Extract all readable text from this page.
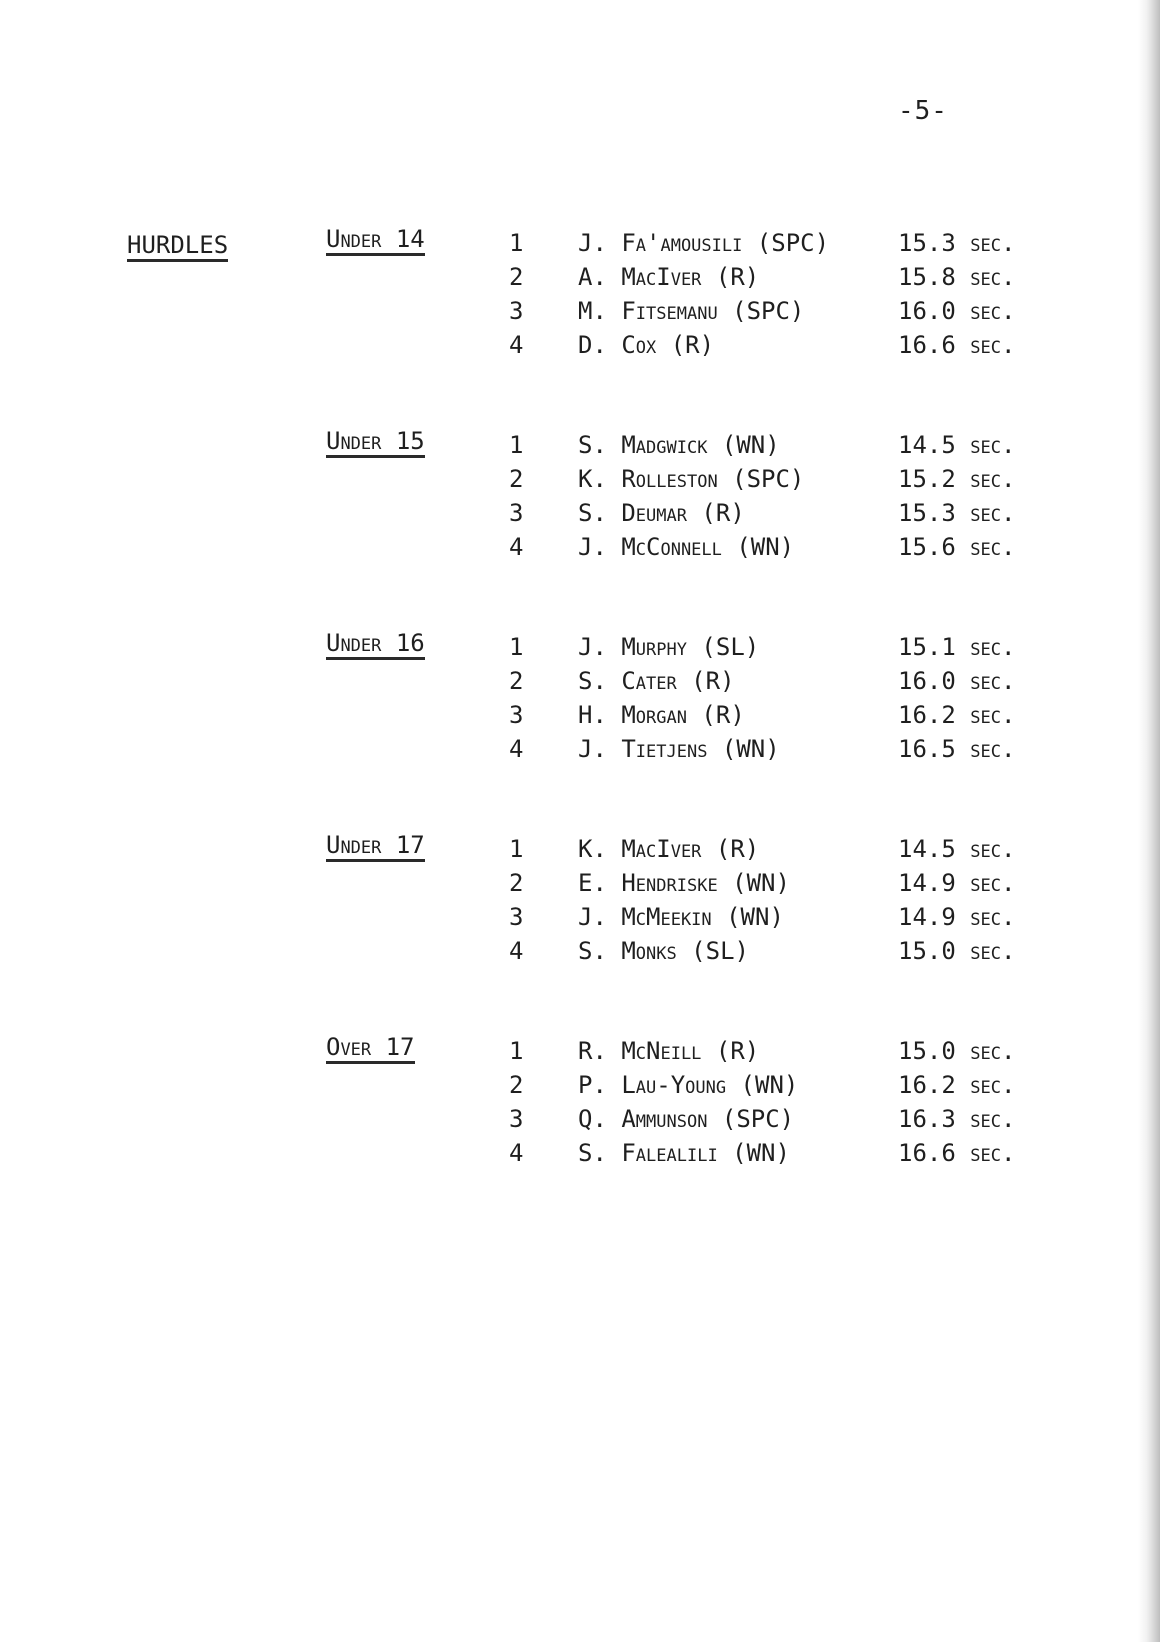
-5-
HURDLES	Under 14	1 J. Fa'amousili (SPC)	15.3 sec.
2 A. MacIver (R)	15.8 sec.
3 M. Fitsemanu (SPC)	16.0 sec.
4 D. Cox (R)	16.6 sec.
Under 15	1 S. Madgwick (WN)	14.5 sec.
2 K. Rolleston (SPC)	15.2 sec.
3 S. Deumar (R)	15.3 sec.
4 J. McConnell (WN)	15.6 sec.
Under 16	1 J. Murphy (SL)	15.1 sec.
2 S. Cater (R)	16.0 sec.
3 H. Morgan (R)	16.2 sec.
4 J. Tietjens (WN)	16.5 sec.
Under 17	1 K. MacIver (R)	14.5 sec.
2 E. Hendriske (WN)	14.9 sec.
3 J. McMeekin (WN)	14.9 sec.
4 S. Monks (SL)	15.0 sec.
Over 17	1 R. McNeill (R)	15.0 sec.
2 P. Lau-Young (WN)	16.2 sec.
3 Q. Ammunson (SPC)	16.3 sec.
4 S. Falealili (WN)	16.6 sec.
